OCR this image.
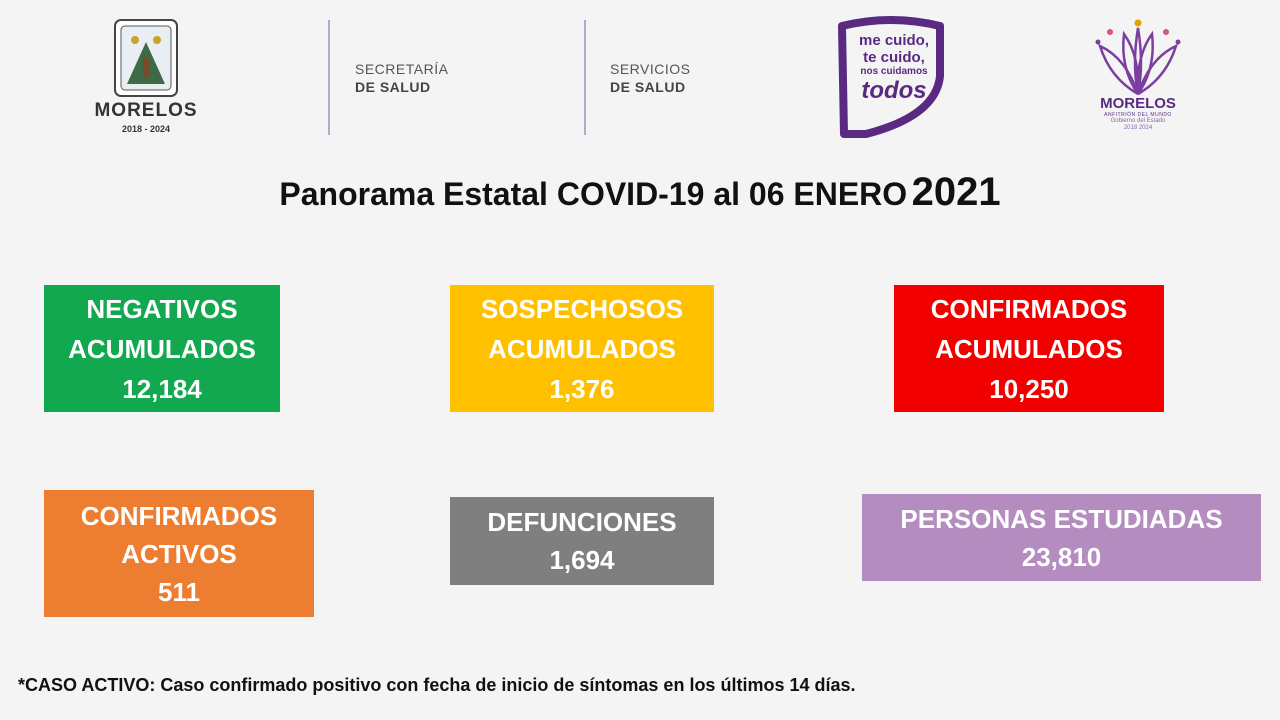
MORELOS
2018 - 2024
SECRETARÍA
DE SALUD
SERVICIOS
DE SALUD
me cuido,
te cuido,
nos cuidamos
todos	MORELOS
ANFITRIÓN DEL MUNDO
Gobierno del Estado
2018 2024
Panorama Estatal COVID-19 al 06 ENERO 2021
NEGATIVOS
ACUMULADOS
12,184
SOSPECHOSOS
ACUMULADOS
1,376
CONFIRMADOS
ACUMULADOS
10,250
CONFIRMADOS
ACTIVOS
511
DEFUNCIONES
1,694
PERSONAS ESTUDIADAS
23,810
*CASO ACTIVO: Caso confirmado positivo con fecha de inicio de síntomas en los últimos 14 días.
